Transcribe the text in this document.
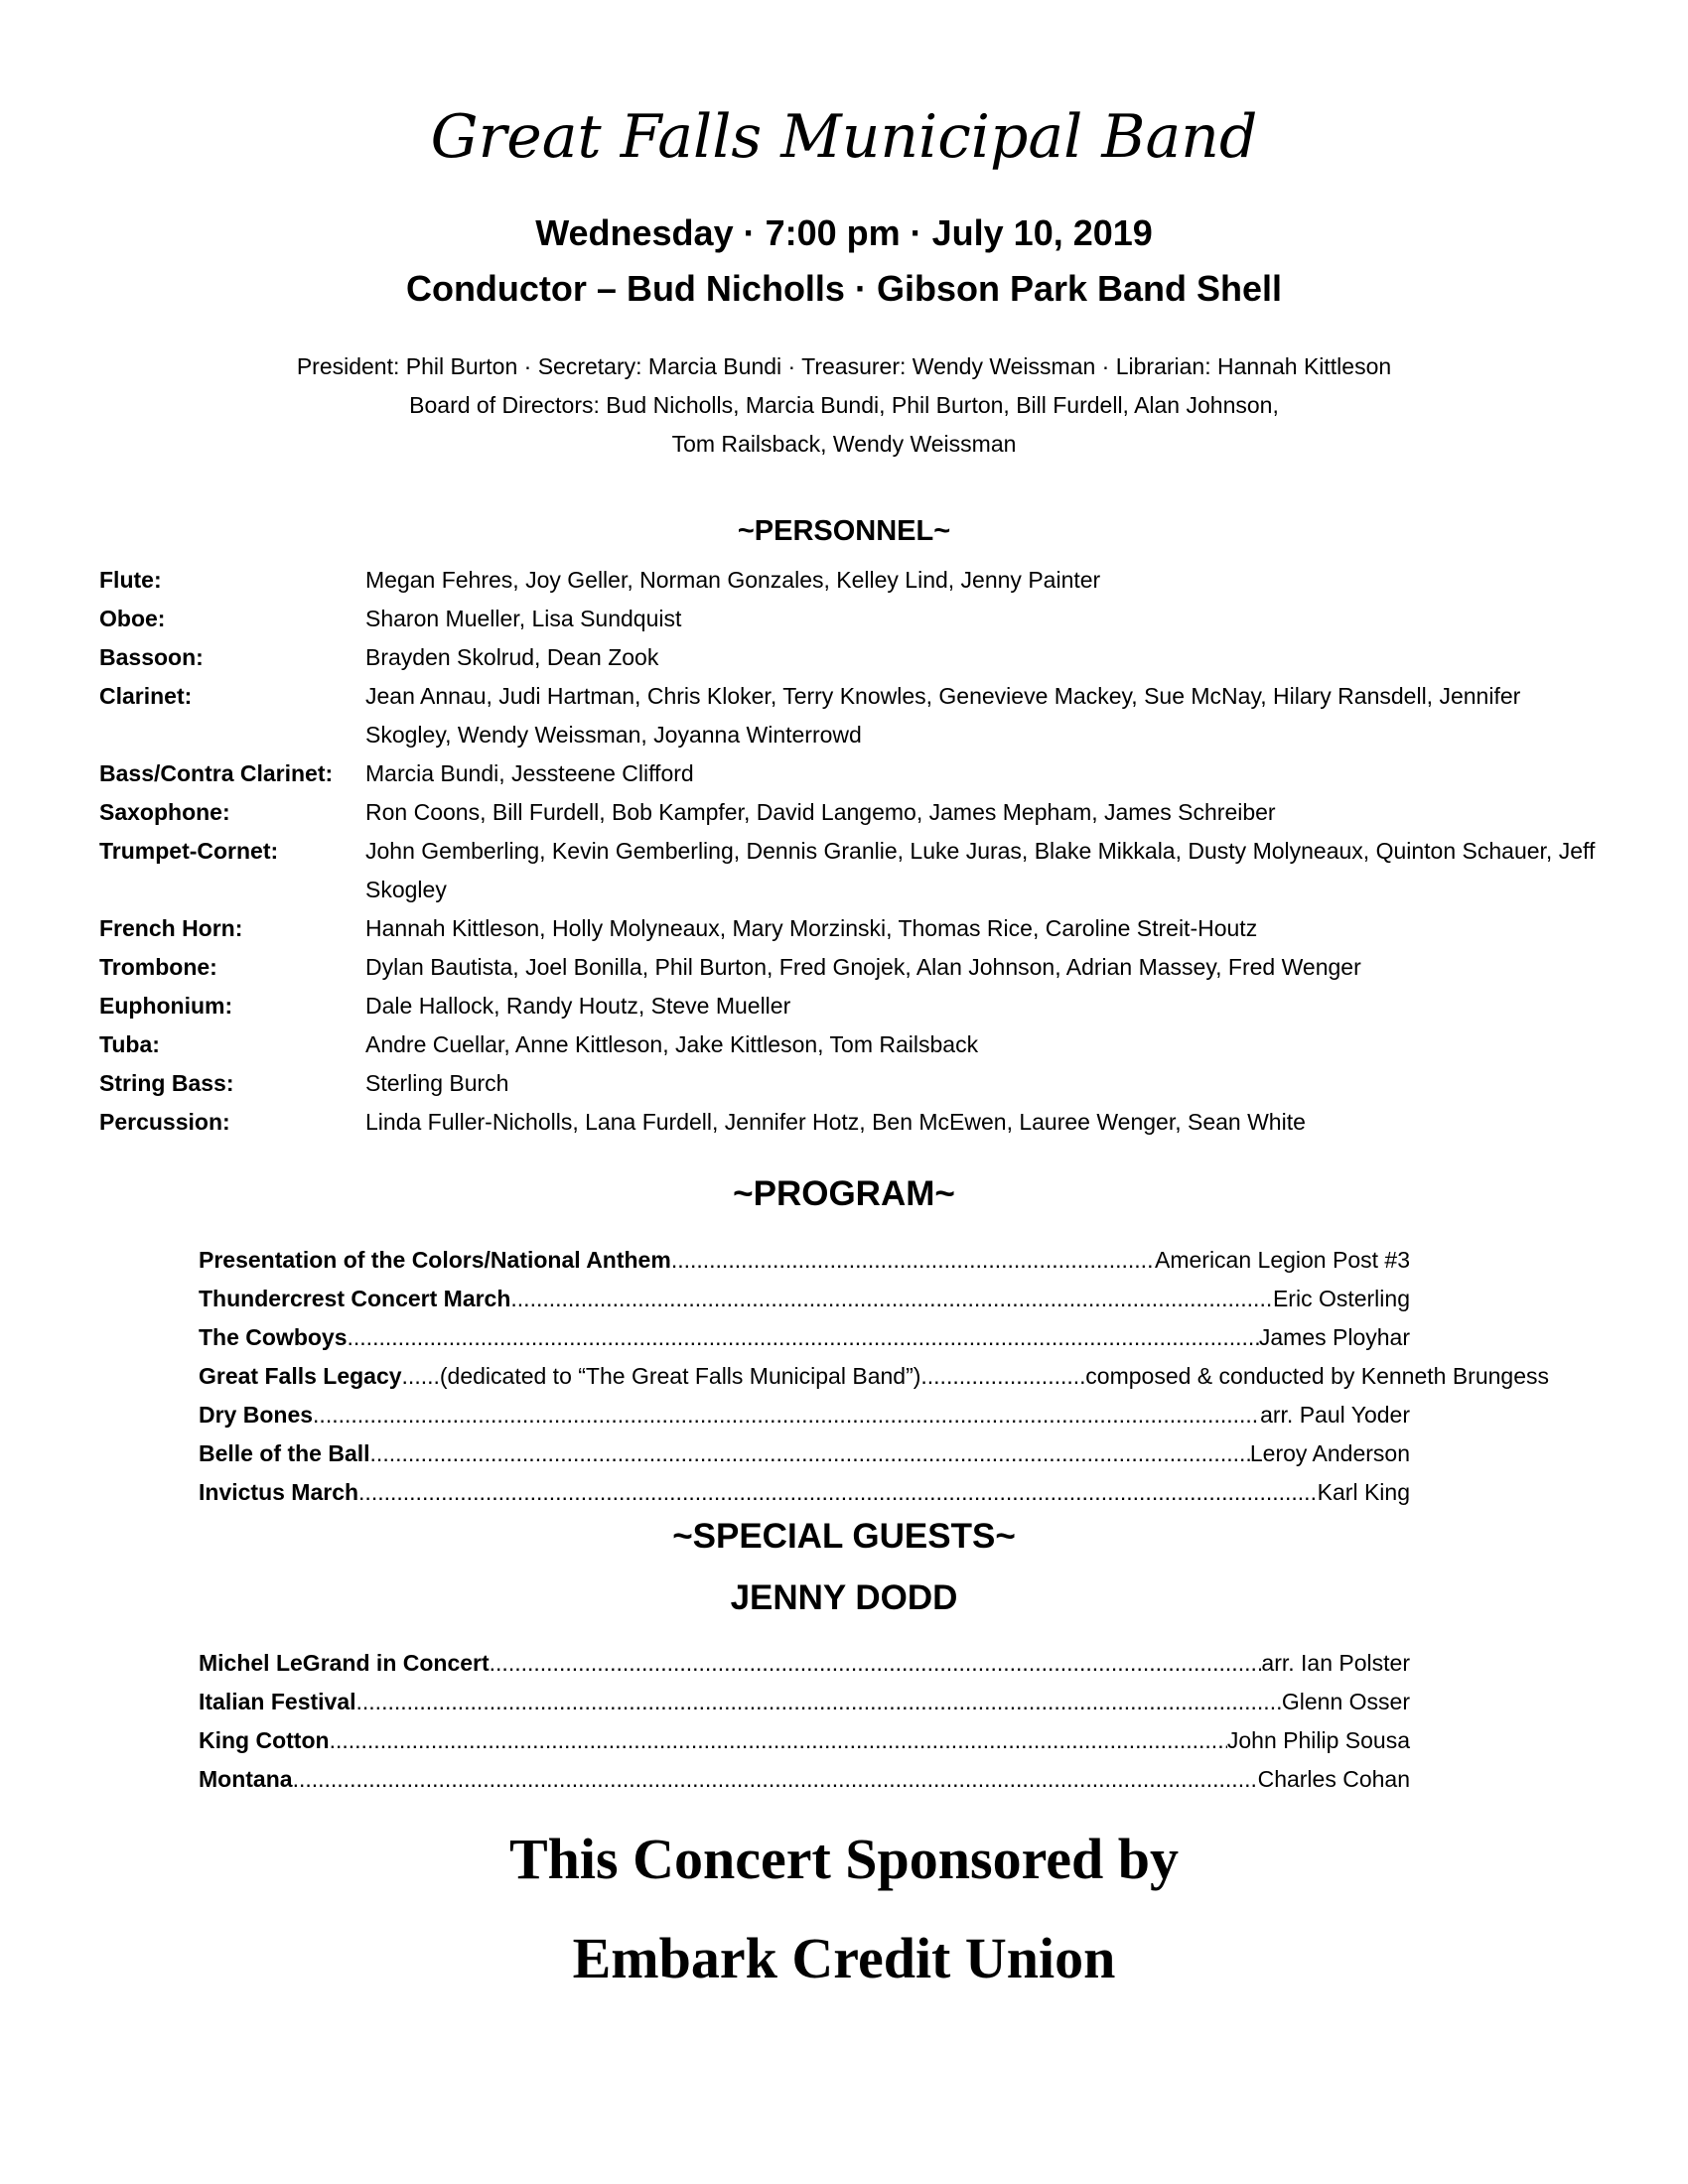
Great Falls Municipal Band
Wednesday · 7:00 pm · July 10, 2019
Conductor – Bud Nicholls · Gibson Park Band Shell
President: Phil Burton · Secretary: Marcia Bundi · Treasurer: Wendy Weissman · Librarian: Hannah Kittleson
Board of Directors: Bud Nicholls, Marcia Bundi, Phil Burton, Bill Furdell, Alan Johnson,
Tom Railsback, Wendy Weissman
~PERSONNEL~
Flute:	Megan Fehres, Joy Geller, Norman Gonzales, Kelley Lind, Jenny Painter
Oboe:	Sharon Mueller, Lisa Sundquist
Bassoon:	Brayden Skolrud, Dean Zook
Clarinet:	Jean Annau, Judi Hartman, Chris Kloker, Terry Knowles, Genevieve Mackey, Sue McNay, Hilary Ransdell, Jennifer Skogley, Wendy Weissman, Joyanna Winterrowd
Bass/Contra Clarinet:	Marcia Bundi, Jessteene Clifford
Saxophone:	Ron Coons, Bill Furdell, Bob Kampfer, David Langemo, James Mepham, James Schreiber
Trumpet-Cornet:	John Gemberling, Kevin Gemberling, Dennis Granlie, Luke Juras, Blake Mikkala, Dusty Molyneaux, Quinton Schauer, Jeff Skogley
French Horn:	Hannah Kittleson, Holly Molyneaux, Mary Morzinski, Thomas Rice, Caroline Streit-Houtz
Trombone:	Dylan Bautista, Joel Bonilla, Phil Burton, Fred Gnojek, Alan Johnson, Adrian Massey, Fred Wenger
Euphonium:	Dale Hallock, Randy Houtz, Steve Mueller
Tuba:	Andre Cuellar, Anne Kittleson, Jake Kittleson, Tom Railsback
String Bass:	Sterling Burch
Percussion:	Linda Fuller-Nicholls, Lana Furdell, Jennifer Hotz, Ben McEwen, Lauree Wenger, Sean White
~PROGRAM~
Presentation of the Colors/National Anthem .....	American Legion Post #3
Thundercrest Concert March .....	Eric Osterling
The Cowboys .....	James Ployhar
Great Falls Legacy ......(dedicated to “The Great Falls Municipal Band”) .....	composed & conducted by Kenneth Brungess
Dry Bones .....	arr. Paul Yoder
Belle of the Ball .....	Leroy Anderson
Invictus March .....	Karl King
~SPECIAL GUESTS~
JENNY DODD
Michel LeGrand in Concert .....	arr. Ian Polster
Italian Festival .....	Glenn Osser
King Cotton .....	John Philip Sousa
Montana .....	Charles Cohan
This Concert Sponsored by
Embark Credit Union
